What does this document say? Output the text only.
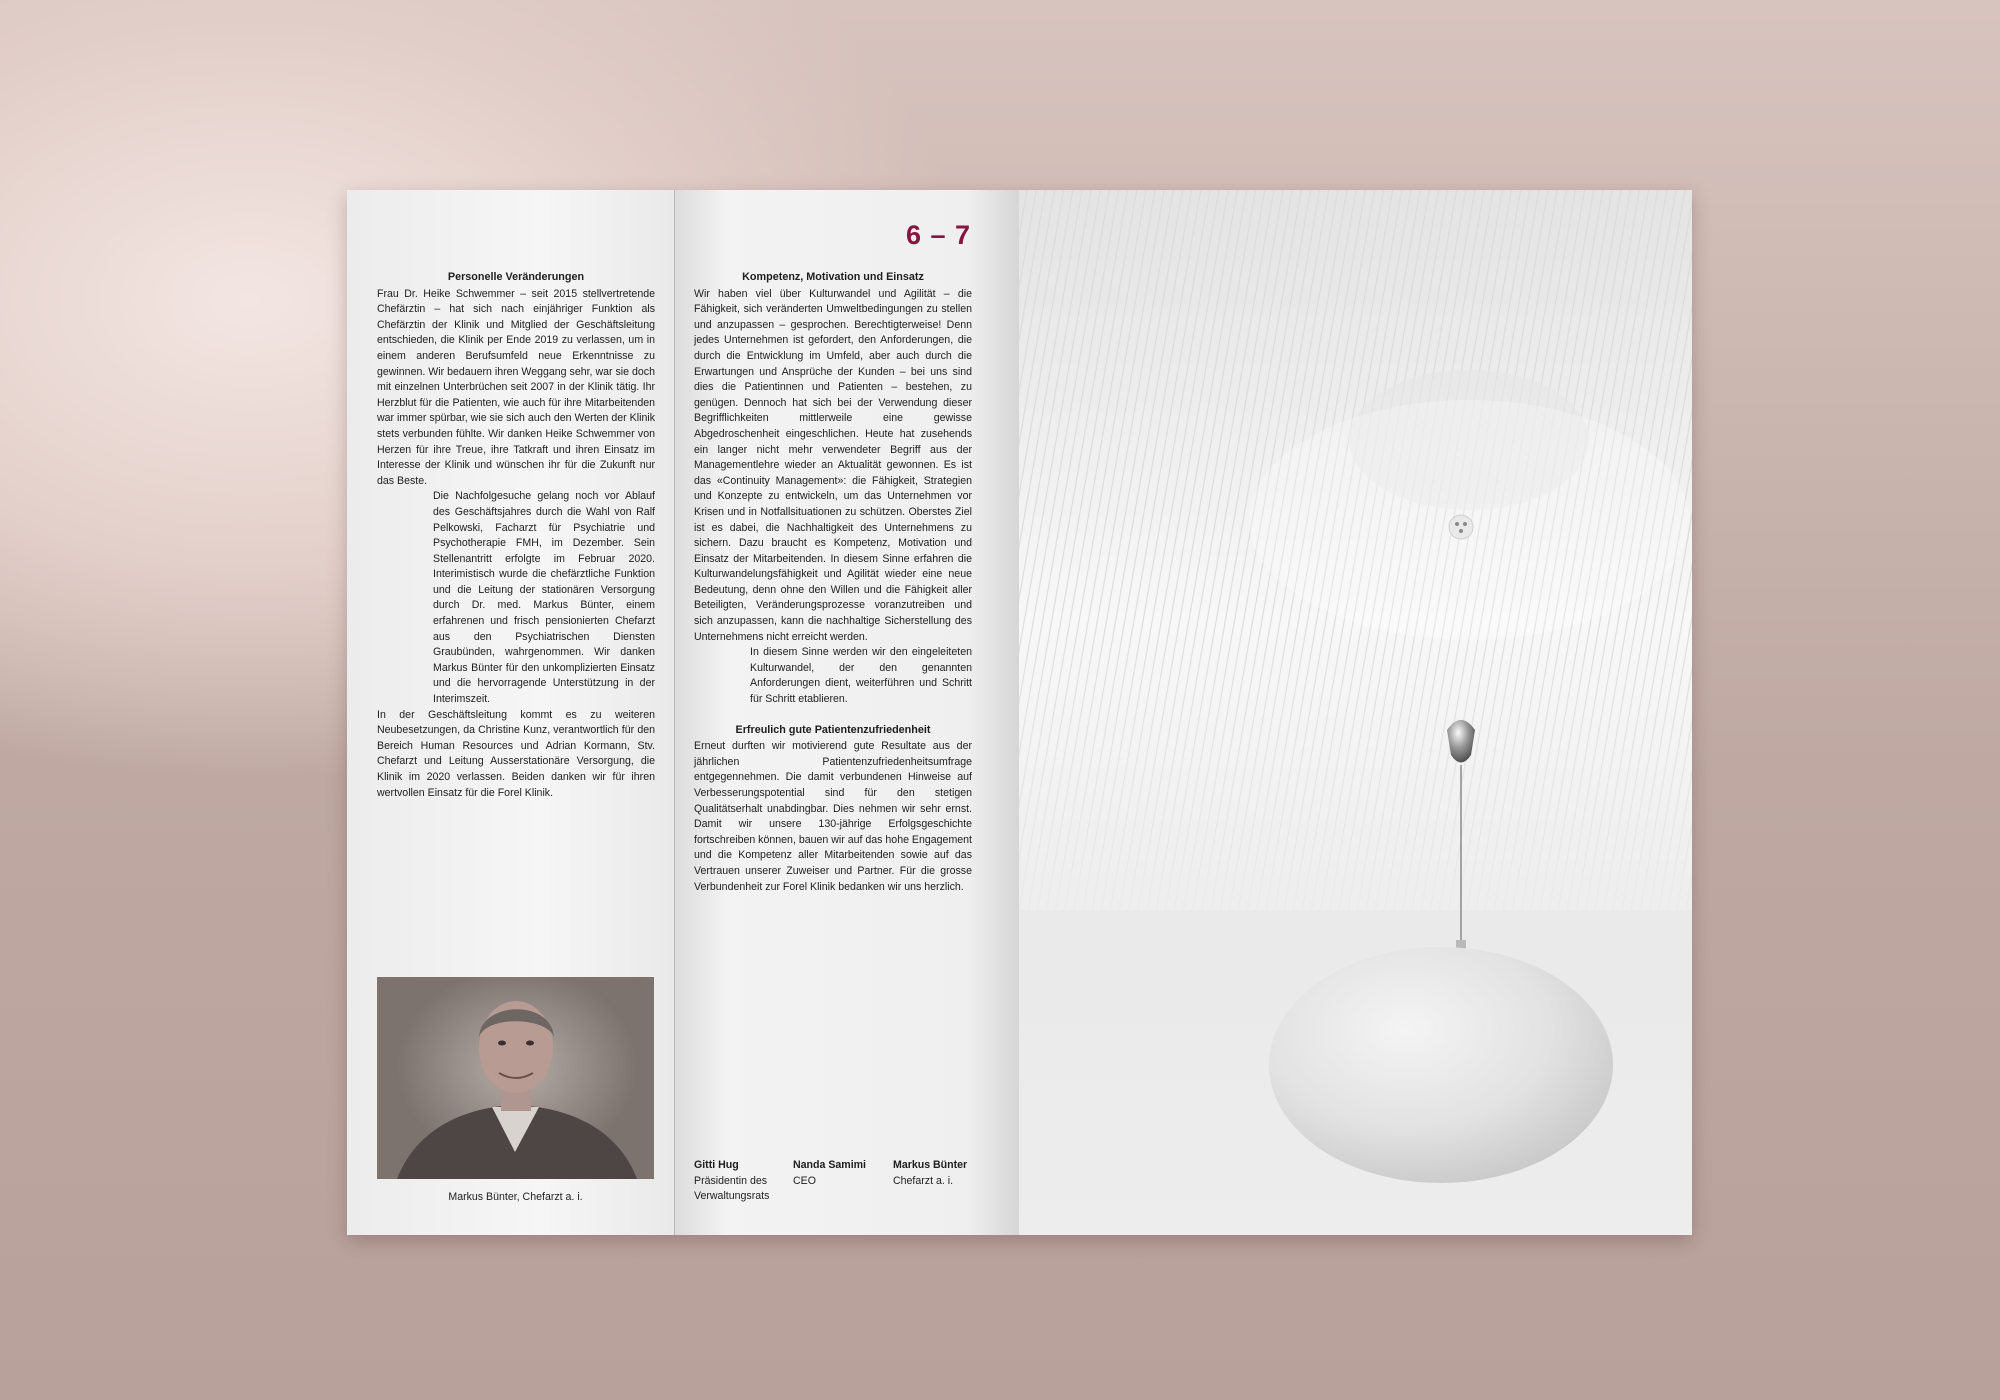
Personelle Veränderungen

Frau Dr. Heike Schwemmer – seit 2015 stellvertretende Chefärztin – hat sich nach einjähriger Funktion als Chefärztin der Klinik und Mitglied der Geschäftsleitung entschieden, die Klinik per Ende 2019 zu verlassen, um in einem anderen Berufsumfeld neue Erkenntnisse zu gewinnen. Wir bedauern ihren Weggang sehr, war sie doch mit einzelnen Unterbrüchen seit 2007 in der Klinik tätig. Ihr Herzblut für die Patienten, wie auch für ihre Mitarbeitenden war immer spürbar, wie sie sich auch den Werten der Klinik stets verbunden fühlte. Wir danken Heike Schwemmer von Herzen für ihre Treue, ihre Tatkraft und ihren Einsatz im Interesse der Klinik und wünschen ihr für die Zukunft nur das Beste.

Die Nachfolgesuche gelang noch vor Ablauf des Geschäftsjahres durch die Wahl von Ralf Pelkowski, Facharzt für Psychiatrie und Psychotherapie FMH, im Dezember. Sein Stellenantritt erfolgte im Februar 2020. Interimistisch wurde die chefärztliche Funktion und die Leitung der stationären Versorgung durch Dr. med. Markus Bünter, einem erfahrenen und frisch pensionierten Chefarzt aus den Psychiatrischen Diensten Graubünden, wahrgenommen. Wir danken Markus Bünter für den unkomplizierten Einsatz und die hervorragende Unterstützung in der Interimszeit.

In der Geschäftsleitung kommt es zu weiteren Neubesetzungen, da Christine Kunz, verantwortlich für den Bereich Human Resources und Adrian Kormann, Stv. Chefarzt und Leitung Ausserstationäre Versorgung, die Klinik im 2020 verlassen. Beiden danken wir für ihren wertvollen Einsatz für die Forel Klinik.

Markus Bünter, Chefarzt a. i.
6 – 7
Kompetenz, Motivation und Einsatz

Wir haben viel über Kulturwandel und Agilität – die Fähigkeit, sich veränderten Umweltbedingungen zu stellen und anzupassen – gesprochen. Berechtigterweise! Denn jedes Unternehmen ist gefordert, den Anforderungen, die durch die Entwicklung im Umfeld, aber auch durch die Erwartungen und Ansprüche der Kunden – bei uns sind dies die Patientinnen und Patienten – bestehen, zu genügen. Dennoch hat sich bei der Verwendung dieser Begrifflichkeiten mittlerweile eine gewisse Abgedroschenheit eingeschlichen. Heute hat zusehends ein langer nicht mehr verwendeter Begriff aus der Managementlehre wieder an Aktualität gewonnen. Es ist das «Continuity Management»: die Fähigkeit, Strategien und Konzepte zu entwickeln, um das Unternehmen vor Krisen und in Notfallsituationen zu schützen. Oberstes Ziel ist es dabei, die Nachhaltigkeit des Unternehmens zu sichern. Dazu braucht es Kompetenz, Motivation und Einsatz der Mitarbeitenden. In diesem Sinne erfahren die Kulturwandelungsfähigkeit und Agilität wieder eine neue Bedeutung, denn ohne den Willen und die Fähigkeit aller Beteiligten, Veränderungsprozesse voranzutreiben und sich anzupassen, kann die nachhaltige Sicherstellung des Unternehmens nicht erreicht werden.

In diesem Sinne werden wir den eingeleiteten Kulturwandel, der den genannten Anforderungen dient, weiterführen und Schritt für Schritt etablieren.

Erfreulich gute Patientenzufriedenheit

Erneut durften wir motivierend gute Resultate aus der jährlichen Patientenzufriedenheitsumfrage entgegennehmen. Die damit verbundenen Hinweise auf Verbesserungspotential sind für den stetigen Qualitätserhalt unabdingbar. Dies nehmen wir sehr ernst. Damit wir unsere 130-jährige Erfolgsgeschichte fortschreiben können, bauen wir auf das hohe Engagement und die Kompetenz aller Mitarbeitenden sowie auf das Vertrauen unserer Zuweiser und Partner. Für die grosse Verbundenheit zur Forel Klinik bedanken wir uns herzlich.

Gitti Hug
Präsidentin des Verwaltungsrats
Nanda Samimi
CEO
Markus Bünter
Chefarzt a. i.
